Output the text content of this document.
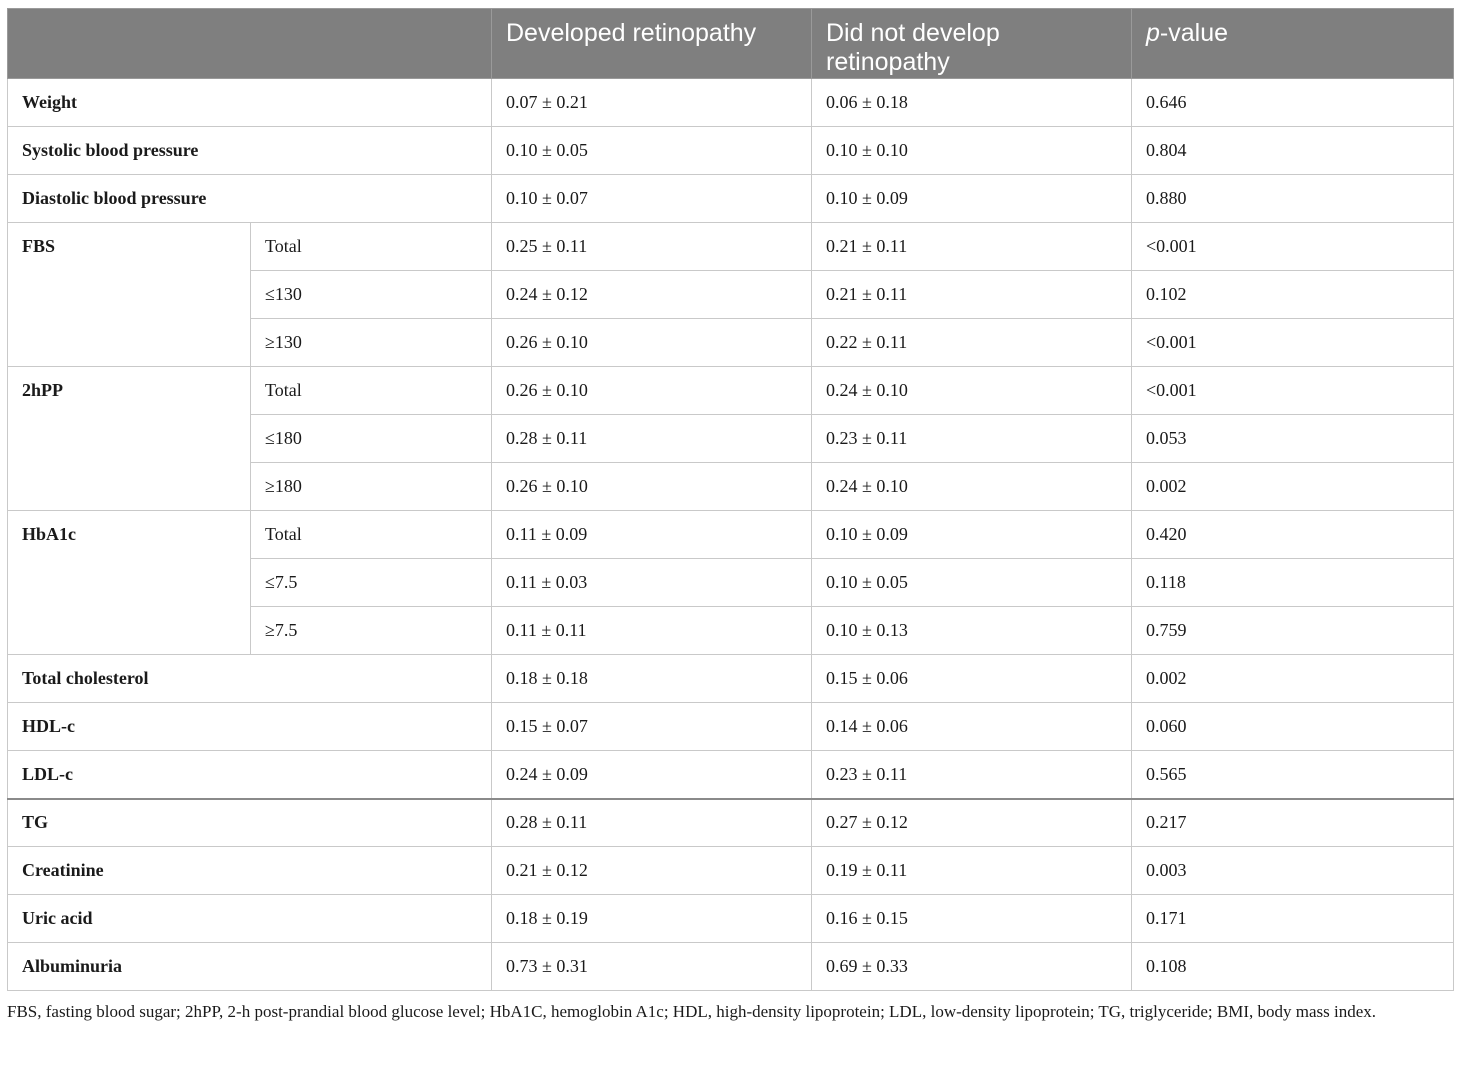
		Developed retinopathy	Did not develop retinopathy	p-value
Weight		0.07 ± 0.21	0.06 ± 0.18	0.646
Systolic blood pressure		0.10 ± 0.05	0.10 ± 0.10	0.804
Diastolic blood pressure		0.10 ± 0.07	0.10 ± 0.09	0.880
FBS	Total	0.25 ± 0.11	0.21 ± 0.11	<0.001
	≤130	0.24 ± 0.12	0.21 ± 0.11	0.102
	≥130	0.26 ± 0.10	0.22 ± 0.11	<0.001
2hPP	Total	0.26 ± 0.10	0.24 ± 0.10	<0.001
	≤180	0.28 ± 0.11	0.23 ± 0.11	0.053
	≥180	0.26 ± 0.10	0.24 ± 0.10	0.002
HbA1c	Total	0.11 ± 0.09	0.10 ± 0.09	0.420
	≤7.5	0.11 ± 0.03	0.10 ± 0.05	0.118
	≥7.5	0.11 ± 0.11	0.10 ± 0.13	0.759
Total cholesterol		0.18 ± 0.18	0.15 ± 0.06	0.002
HDL-c		0.15 ± 0.07	0.14 ± 0.06	0.060
LDL-c		0.24 ± 0.09	0.23 ± 0.11	0.565
TG		0.28 ± 0.11	0.27 ± 0.12	0.217
Creatinine		0.21 ± 0.12	0.19 ± 0.11	0.003
Uric acid		0.18 ± 0.19	0.16 ± 0.15	0.171
Albuminuria		0.73 ± 0.31	0.69 ± 0.33	0.108
FBS, fasting blood sugar; 2hPP, 2-h post-prandial blood glucose level; HbA1C, hemoglobin A1c; HDL, high-density lipoprotein; LDL, low-density lipoprotein; TG, triglyceride; BMI, body mass index.
